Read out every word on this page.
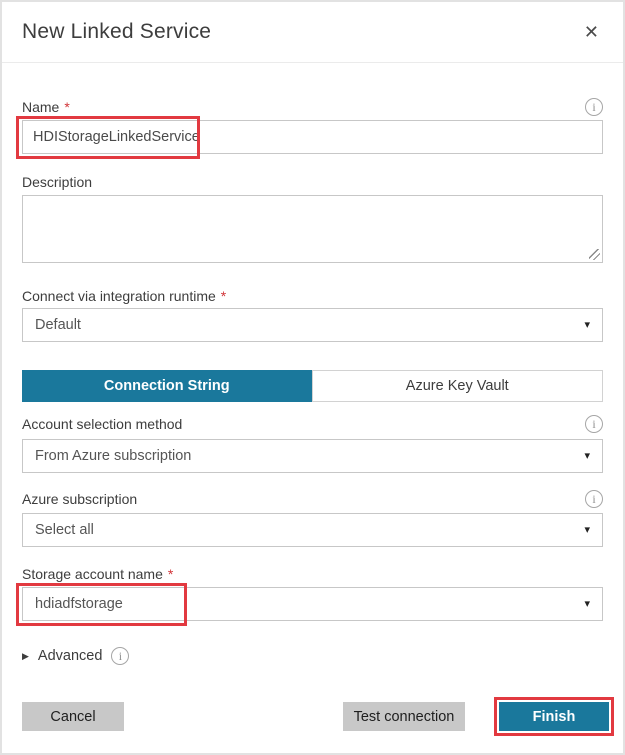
New Linked Service	✕
Name *	i
HDIStorageLinkedService
Description
Connect via integration runtime *
Default	▾
Connection String	Azure Key Vault
Account selection method	i
From Azure subscription	▾
Azure subscription	i
Select all	▾
Storage account name *
hdiadfstorage	▾
▶ Advanced	i
Cancel	Test connection	Finish
